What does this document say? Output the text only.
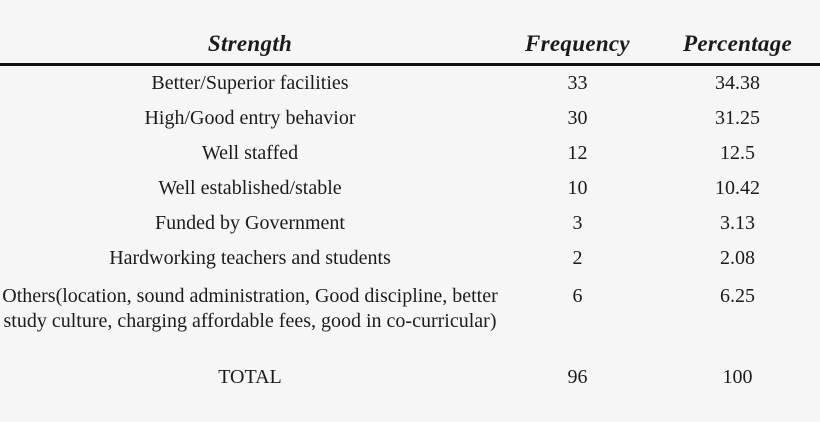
Strength	Frequency	Percentage
Better/Superior facilities	33	34.38
High/Good entry behavior	30	31.25
Well staffed	12	12.5
Well established/stable	10	10.42
Funded by Government	3	3.13
Hardworking teachers and students	2	2.08
Others(location, sound administration, Good discipline, better study culture, charging affordable fees, good in co-curricular)	6	6.25
TOTAL	96	100
